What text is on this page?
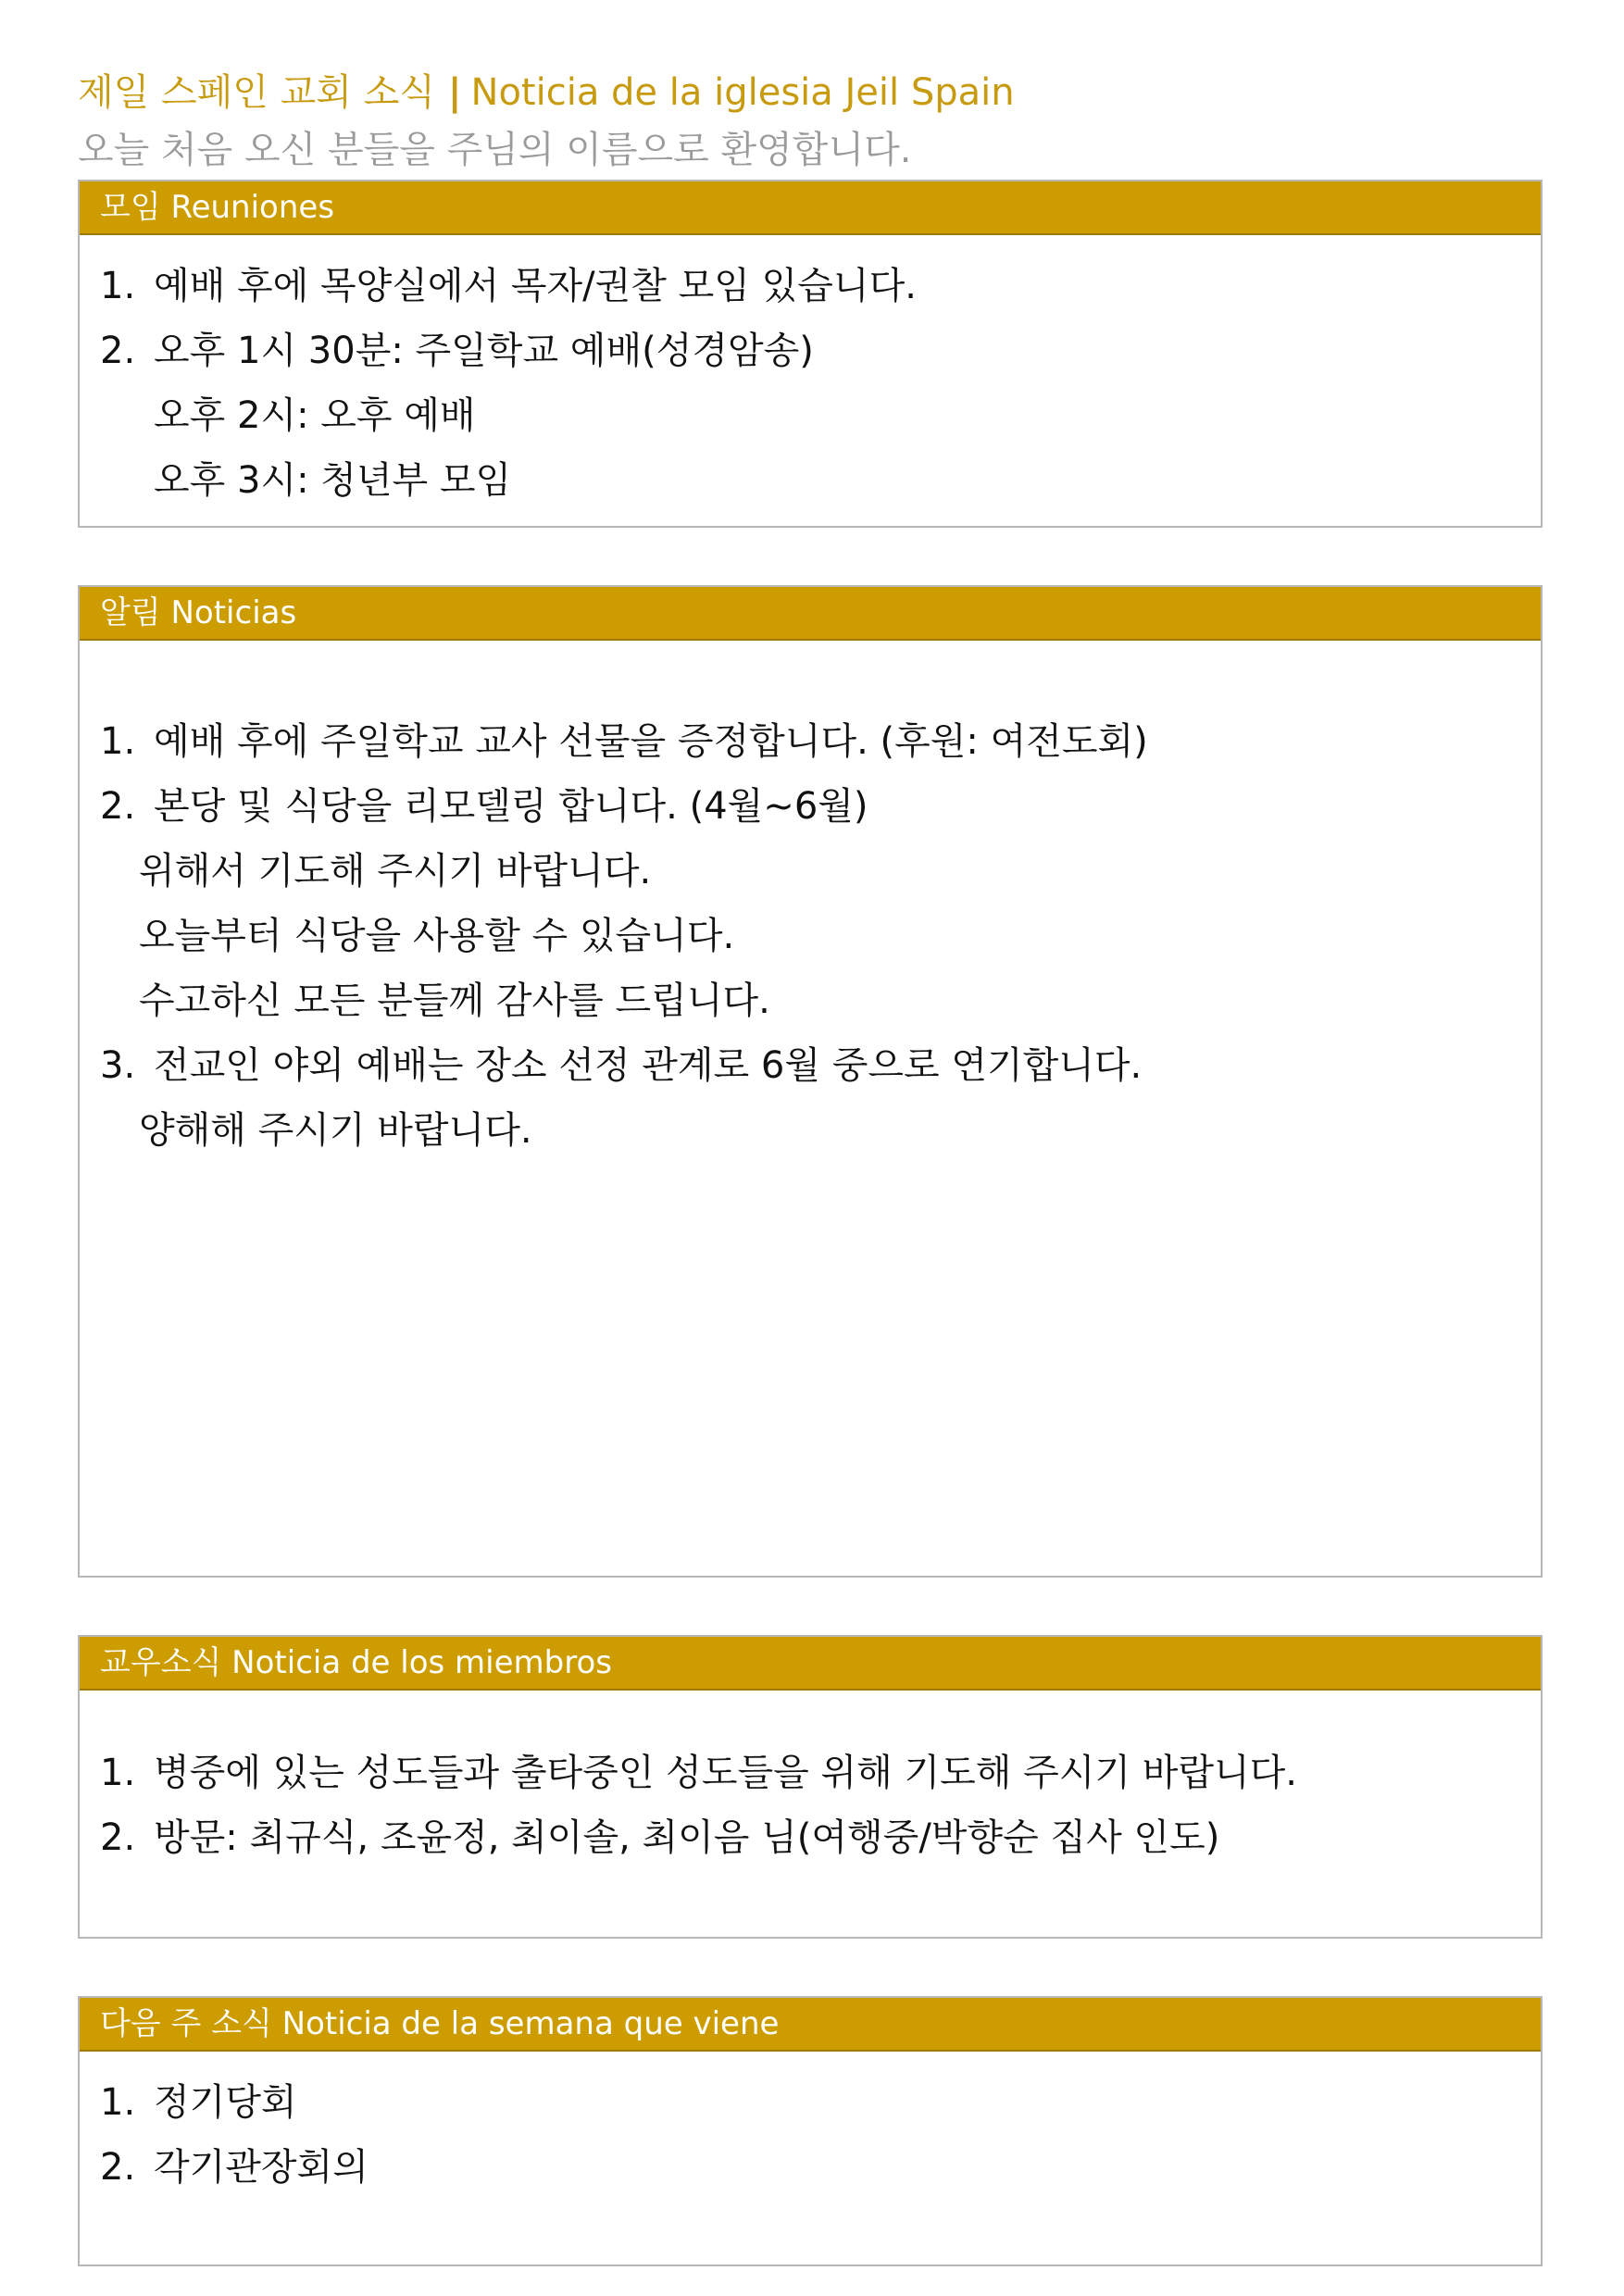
제일 스페인 교회 소식 | Noticia de la iglesia Jeil Spain
오늘 처음 오신 분들을 주님의 이름으로 환영합니다.
모임 Reuniones
1. 예배 후에 목양실에서 목자/권찰 모임 있습니다.
2. 오후 1시 30분: 주일학교 예배(성경암송)
오후 2시: 오후 예배
오후 3시: 청년부 모임
알림 Noticias
1. 예배 후에 주일학교 교사 선물을 증정합니다. (후원: 여전도회)
2. 본당 및 식당을 리모델링 합니다. (4월~6월)
위해서 기도해 주시기 바랍니다.
오늘부터 식당을 사용할 수 있습니다.
수고하신 모든 분들께 감사를 드립니다.
3. 전교인 야외 예배는 장소 선정 관계로 6월 중으로 연기합니다.
양해해 주시기 바랍니다.
교우소식 Noticia de los miembros
1. 병중에 있는 성도들과 출타중인 성도들을 위해 기도해 주시기 바랍니다.
2. 방문: 최규식, 조윤정, 최이솔, 최이음 님(여행중/박향순 집사 인도)
다음 주 소식 Noticia de la semana que viene
1. 정기당회
2. 각기관장회의
